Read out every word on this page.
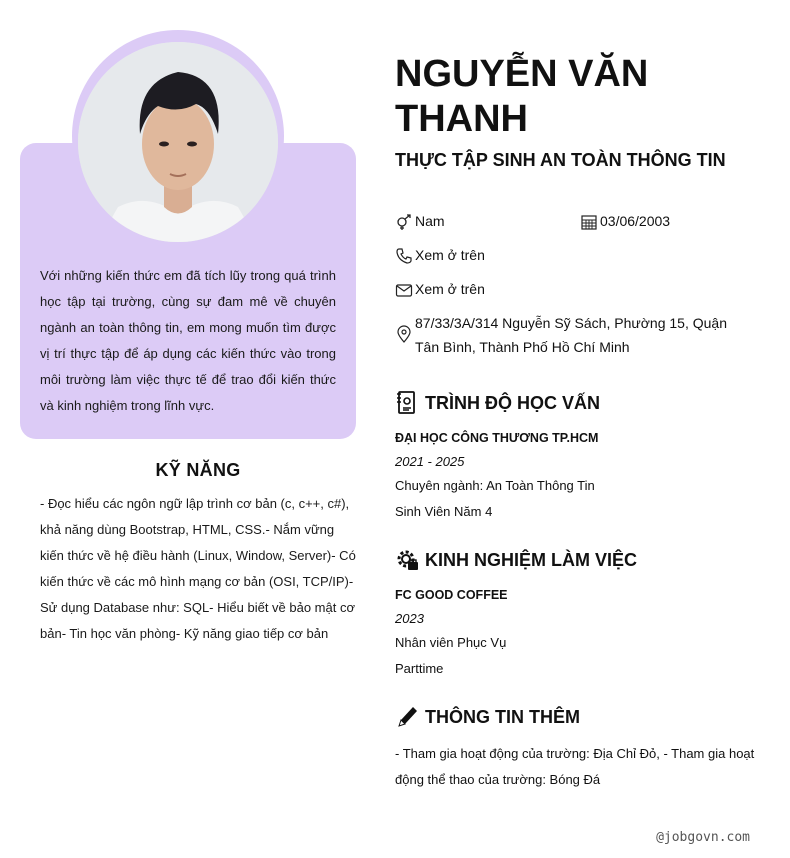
Với những kiến thức em đã tích lũy trong quá trình học tập tại trường, cùng sự đam mê về chuyên ngành an toàn thông tin, em mong muốn tìm được vị trí thực tập để áp dụng các kiến thức vào trong môi trường làm việc thực tế để trao đổi kiến thức và kinh nghiệm trong lĩnh vực.
KỸ NĂNG
- Đọc hiểu các ngôn ngữ lập trình cơ bản (c, c++, c#), khả năng dùng Bootstrap, HTML, CSS.- Nắm vững kiến thức về hệ điều hành (Linux, Window, Server)- Có kiến thức về các mô hình mạng cơ bản (OSI, TCP/IP)- Sử dụng Database như: SQL- Hiểu biết về bảo mật cơ bản- Tin học văn phòng- Kỹ năng giao tiếp cơ bản
NGUYỄN VĂN THANH
THỰC TẬP SINH AN TOÀN THÔNG TIN
Nam	03/06/2003
Xem ở trên
Xem ở trên
87/33/3A/314 Nguyễn Sỹ Sách, Phường 15, Quận Tân Bình, Thành Phố Hồ Chí Minh
TRÌNH ĐỘ HỌC VẤN
ĐẠI HỌC CÔNG THƯƠNG TP.HCM
2021 - 2025
Chuyên ngành: An Toàn Thông Tin
Sinh Viên Năm 4
KINH NGHIỆM LÀM VIỆC
FC GOOD COFFEE
2023
Nhân viên Phục Vụ
Parttime
THÔNG TIN THÊM
- Tham gia hoạt động của trường: Địa Chỉ Đỏ, - Tham gia hoạt động thể thao của trường: Bóng Đá
@jobgovn.com
